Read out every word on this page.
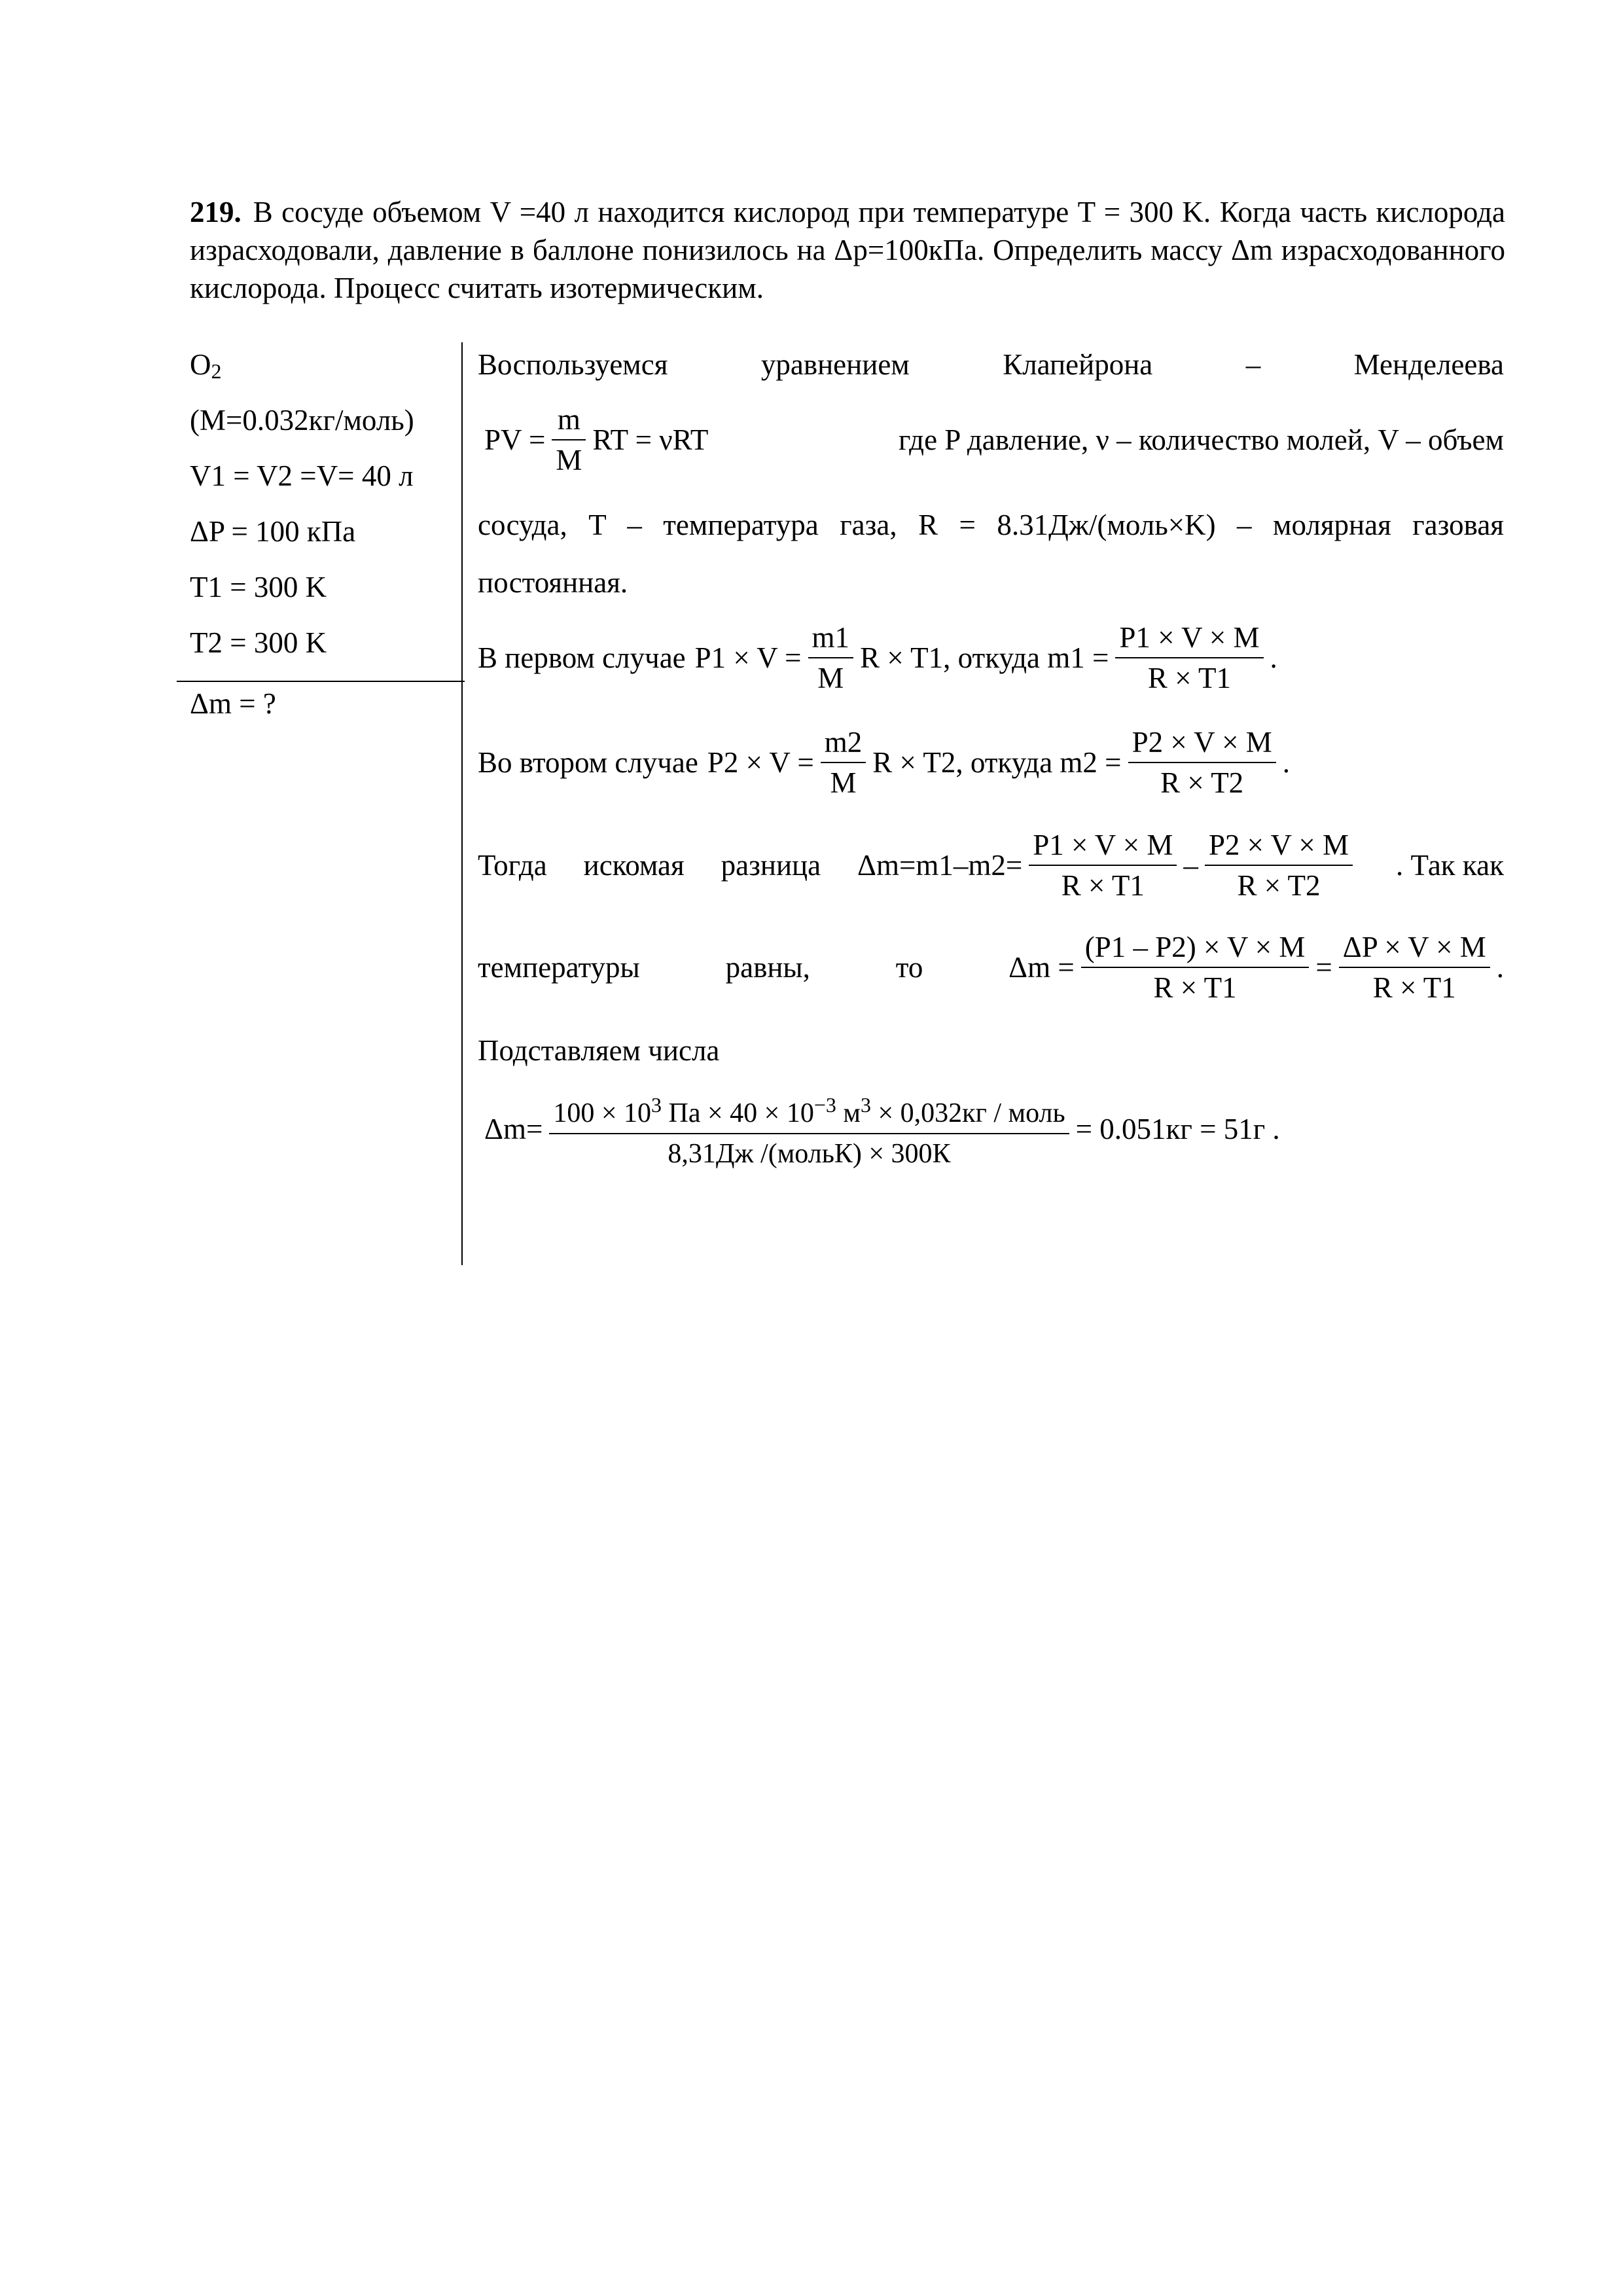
219. В сосуде объемом V =40 л находится кислород при температуре T = 300 K. Когда часть кислорода израсходовали, давление в баллоне понизилось на Δp=100кПа. Определить массу Δm израсходованного кислорода. Процесс считать изотермическим.
$O_2$
(M=0.032кг/моль)
V1 = V2 =V= 40 л
ΔP = 100 кПа
T1 = 300 K
T2 = 300 K
Δm = ?
Воспользуемся	уравнением	Клапейрона	–	Менделеева
PV = $\frac{m}{M}$ RT = νRT	где P давление, ν – количество молей, V – объем
сосуда, T – температура газа, R = 8.31Дж/(моль×K) – молярная газовая
постоянная.
В первом случае $P1 \times V = \frac{m1}{M}$ R × T1 , откуда $m1 = \frac{P1 \times V \times M}{R \times T1}$ .
Во втором случае $P2 \times V = \frac{m2}{M}$ R × T2 , откуда $m2 = \frac{P2 \times V \times M}{R \times T2}$ .
Тогда искомая разница $\Delta m=m1-m2= \frac{P1 \times V \times M}{R \times T1} - \frac{P2 \times V \times M}{R \times T2}$ . Так как
температуры	равны,	то	$\Delta m = \frac{(P1 - P2) \times V \times M}{R \times T1} = \frac{\Delta P \times V \times M}{R \times T1}$ .
Подставляем числа
$\Delta m= \frac{100 \times 10^3 Па \times 40 \times 10^{-3} м^3 \times 0,032кг / моль}{\text{8,31Дж /(мольК) × 300К}} = 0.051кг = 51г$ .
